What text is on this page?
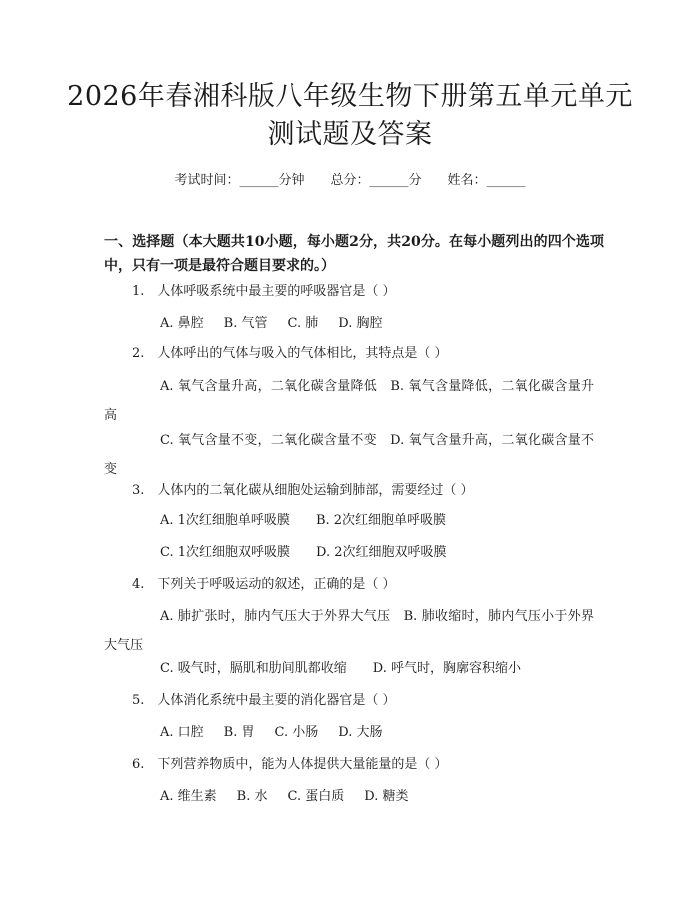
2026年春湘科版八年级生物下册第五单元单元测试题及答案
考试时间：______分钟 总分：______分 姓名：______
一、选择题（本大题共10小题，每小题2分，共20分。在每小题列出的四个选项中，只有一项是最符合题目要求的。）
1.　人体呼吸系统中最主要的呼吸器官是（ ）
A. 鼻腔 B. 气管 C. 肺 D. 胸腔
2.　人体呼出的气体与吸入的气体相比，其特点是（ ）
A. 氧气含量升高，二氧化碳含量降低　B. 氧气含量降低，二氧化碳含量升高
C. 氧气含量不变，二氧化碳含量不变　D. 氧气含量升高，二氧化碳含量不变
3.　人体内的二氧化碳从细胞处运输到肺部，需要经过（ ）
A. 1次红细胞单呼吸膜 B. 2次红细胞单呼吸膜
C. 1次红细胞双呼吸膜 D. 2次红细胞双呼吸膜
4.　下列关于呼吸运动的叙述，正确的是（ ）
A. 肺扩张时，肺内气压大于外界大气压　B. 肺收缩时，肺内气压小于外界大气压
C. 吸气时，膈肌和肋间肌都收缩 D. 呼气时，胸廓容积缩小
5.　人体消化系统中最主要的消化器官是（ ）
A. 口腔 B. 胃 C. 小肠 D. 大肠
6.　下列营养物质中，能为人体提供大量能量的是（ ）
A. 维生素 B. 水 C. 蛋白质 D. 糖类
